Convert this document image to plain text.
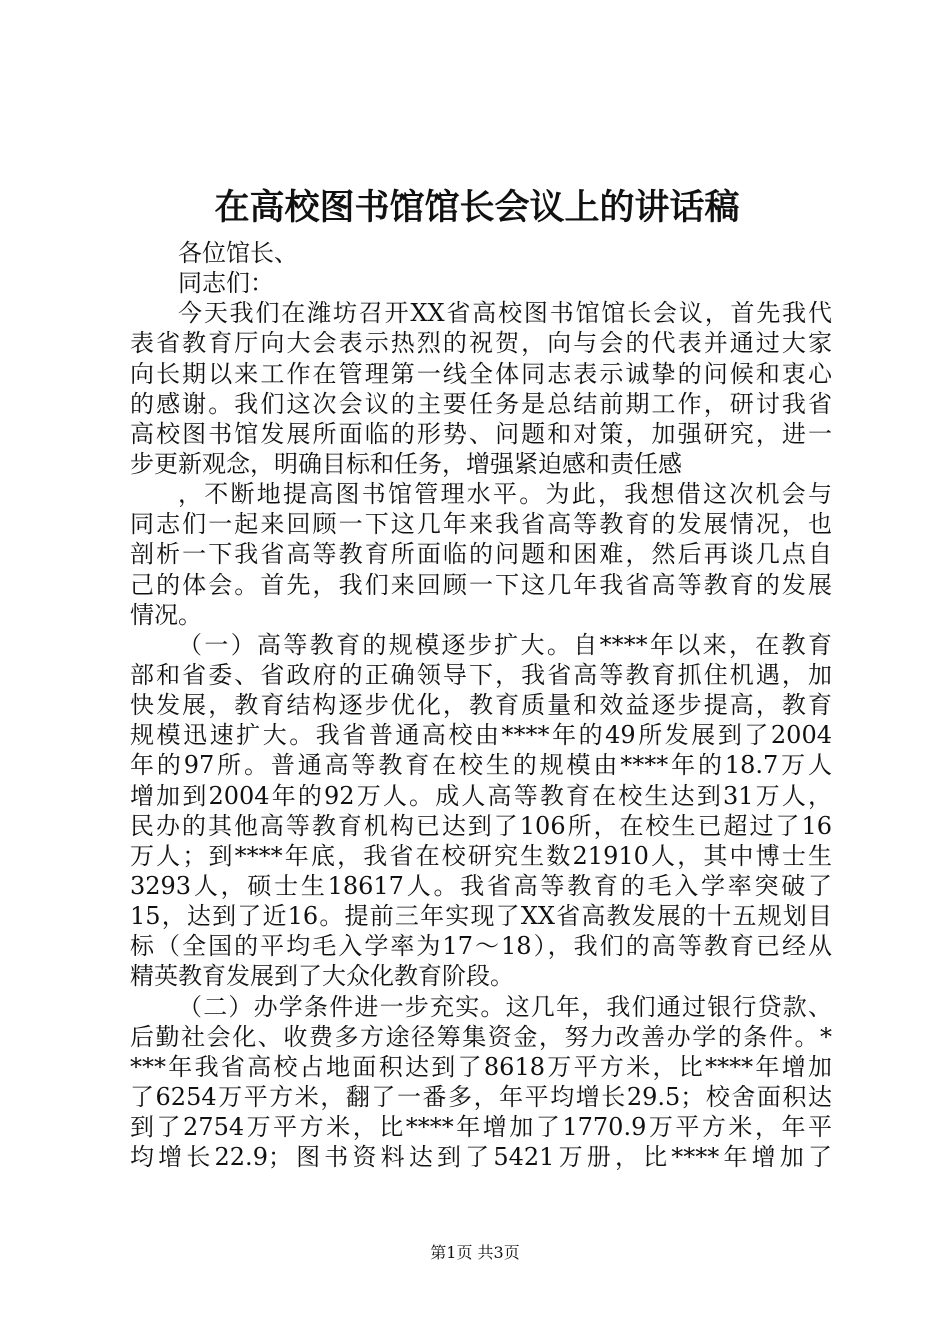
在高校图书馆馆长会议上的讲话稿
各位馆长、
同志们：
今天我们在潍坊召开XX省高校图书馆馆长会议，首先我代
表省教育厅向大会表示热烈的祝贺，向与会的代表并通过大家
向长期以来工作在管理第一线全体同志表示诚挚的问候和衷心
的感谢。我们这次会议的主要任务是总结前期工作，研讨我省
高校图书馆发展所面临的形势、问题和对策，加强研究，进一
步更新观念，明确目标和任务，增强紧迫感和责任感
，不断地提高图书馆管理水平。为此，我想借这次机会与
同志们一起来回顾一下这几年来我省高等教育的发展情况，也
剖析一下我省高等教育所面临的问题和困难，然后再谈几点自
己的体会。首先，我们来回顾一下这几年我省高等教育的发展
情况。
（一）高等教育的规模逐步扩大。自****年以来，在教育
部和省委、省政府的正确领导下，我省高等教育抓住机遇，加
快发展，教育结构逐步优化，教育质量和效益逐步提高，教育
规模迅速扩大。我省普通高校由****年的49所发展到了2004
年的97所。普通高等教育在校生的规模由****年的18.7万人
增加到2004年的92万人。成人高等教育在校生达到31万人，
民办的其他高等教育机构已达到了106所，在校生已超过了16
万人；到****年底，我省在校研究生数21910人，其中博士生
3293人，硕士生18617人。我省高等教育的毛入学率突破了
15，达到了近16。提前三年实现了XX省高教发展的十五规划目
标（全国的平均毛入学率为17～18），我们的高等教育已经从
精英教育发展到了大众化教育阶段。
（二）办学条件进一步充实。这几年，我们通过银行贷款、
后勤社会化、收费多方途径筹集资金，努力改善办学的条件。*
***年我省高校占地面积达到了8618万平方米，比****年增加
了6254万平方米，翻了一番多，年平均增长29.5；校舍面积达
到了2754万平方米，比****年增加了1770.9万平方米，年平
均增长22.9；图书资料达到了5421万册，比****年增加了
第1页 共3页
